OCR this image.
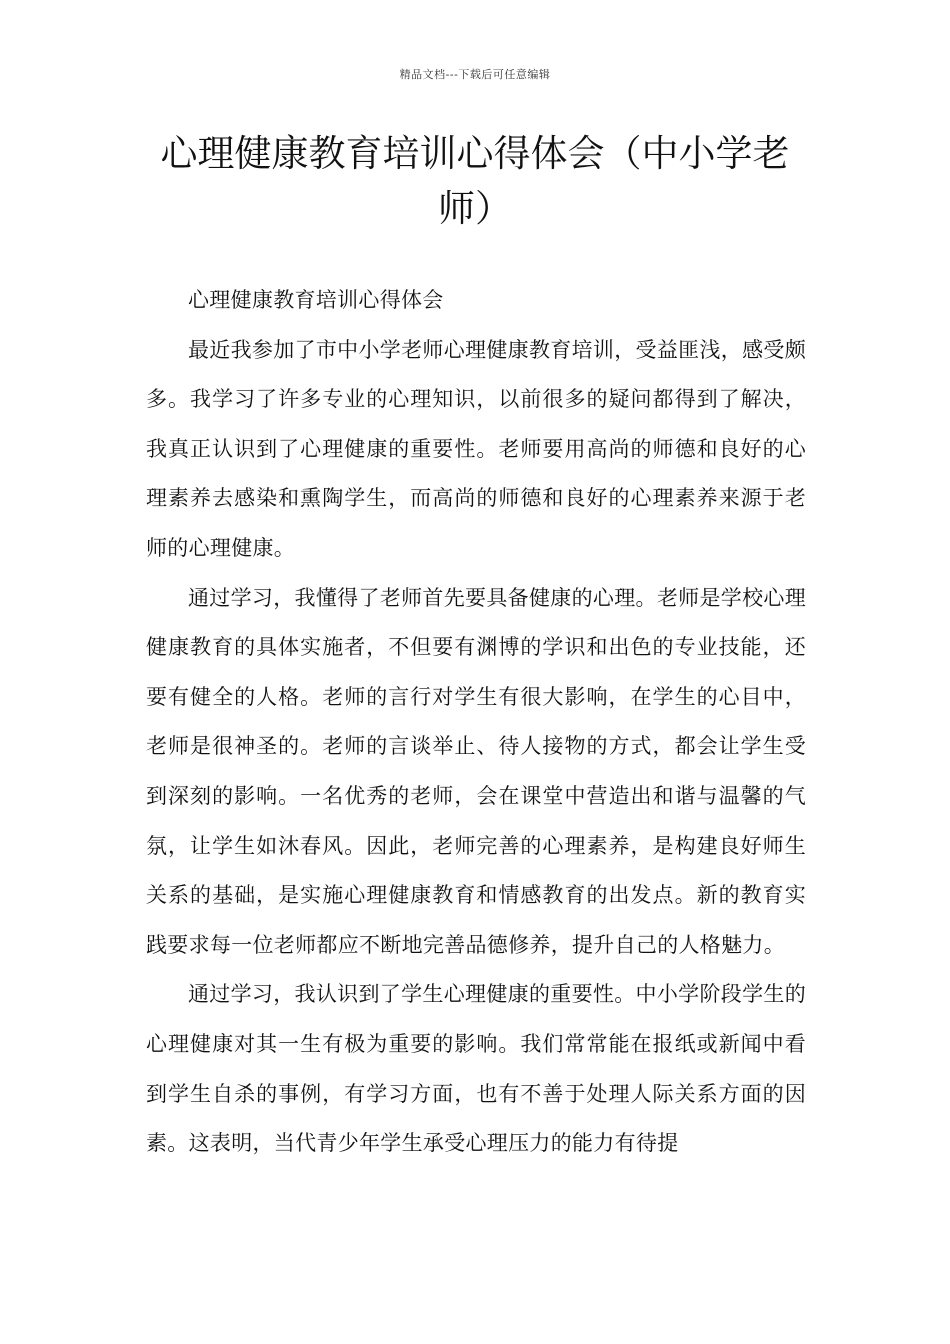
精品文档---下载后可任意编辑
心理健康教育培训心得体会（中小学老师）

心理健康教育培训心得体会

最近我参加了市中小学老师心理健康教育培训，受益匪浅，感受颇多。我学习了许多专业的心理知识，以前很多的疑问都得到了解决，我真正认识到了心理健康的重要性。老师要用高尚的师德和良好的心理素养去感染和熏陶学生，而高尚的师德和良好的心理素养来源于老师的心理健康。

通过学习，我懂得了老师首先要具备健康的心理。老师是学校心理健康教育的具体实施者，不但要有渊博的学识和出色的专业技能，还要有健全的人格。老师的言行对学生有很大影响，在学生的心目中，老师是很神圣的。老师的言谈举止、待人接物的方式，都会让学生受到深刻的影响。一名优秀的老师，会在课堂中营造出和谐与温馨的气氛，让学生如沐春风。因此，老师完善的心理素养，是构建良好师生关系的基础，是实施心理健康教育和情感教育的出发点。新的教育实践要求每一位老师都应不断地完善品德修养，提升自己的人格魅力。

通过学习，我认识到了学生心理健康的重要性。中小学阶段学生的心理健康对其一生有极为重要的影响。我们常常能在报纸或新闻中看到学生自杀的事例，有学习方面，也有不善于处理人际关系方面的因素。这表明，当代青少年学生承受心理压力的能力有待提
